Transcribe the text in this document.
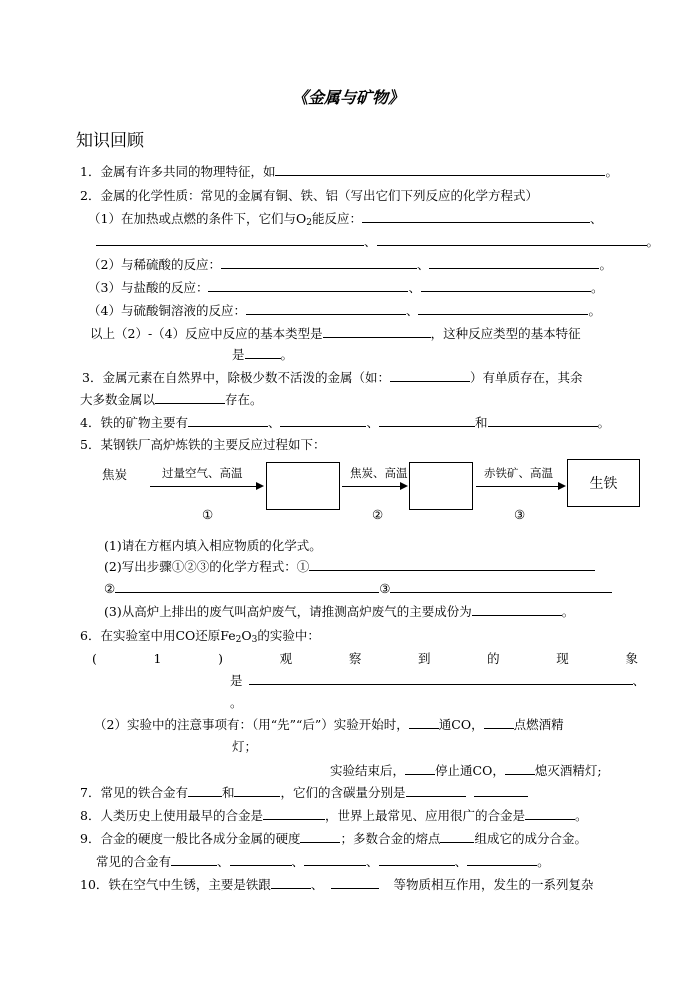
《金属与矿物》
知识回顾
1．金属有许多共同的物理特征，如	。
2．金属的化学性质：常见的金属有铜、铁、铝（写出它们下列反应的化学方程式）
（1）在加热或点燃的条件下，它们与$O_2$能反应：	、
、	。
（2）与稀硫酸的反应：	、	。
（3）与盐酸的反应：	、	。
（4）与硫酸铜溶液的反应：	、	。
以上（2）-（4）反应中反应的基本类型是	，这种反应类型的基本特征
是	。
3．金属元素在自然界中，除极少数不活泼的金属（如：	）有单质存在，其余
大多数金属以	存在。
4．铁的矿物主要有	、	、	和	。
5．某钢铁厂高炉炼铁的主要反应过程如下：
焦炭	过量空气、高温	焦炭、高温	赤铁矿、高温
生铁
①	②	③
(1)请在方框内填入相应物质的化学式。
(2)写出步骤①②③的化学方程式：①
②	③
(3)从高炉上排出的废气叫高炉废气，请推测高炉废气的主要成份为	。
6．在实验室中用CO还原$Fe_2O_3$的实验中：
(	1	)	观	察	到	的	现	象
是	、
。
（2）实验中的注意事项有：（用“先”“后”）实验开始时， 通CO， 点燃酒精
灯；
实验结束后， 停止通CO， 熄灭酒精灯;
7．常见的铁合金有	和	，它们的含碳量分别是
8．人类历史上使用最早的合金是	，世界上最常见、应用很广的合金是	。
9．合金的硬度一般比各成分金属的硬度	；多数合金的熔点	组成它的成分合金。
常见的合金有	、	、	、	、	。
10．铁在空气中生锈，主要是铁跟	、	等物质相互作用，发生的一系列复杂
